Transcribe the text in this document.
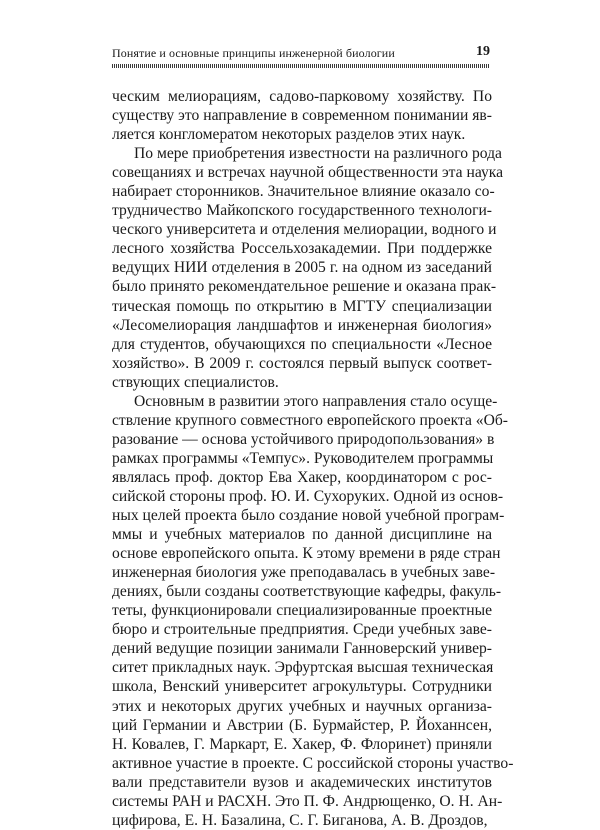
Понятие и основные принципы инженерной биологии	19
ческим мелиорациям, садово-парковому хозяйству. По
существу это направление в современном понимании яв-
ляется конгломератом некоторых разделов этих наук.
По мере приобретения известности на различного рода
совещаниях и встречах научной общественности эта наука
набирает сторонников. Значительное влияние оказало со-
трудничество Майкопского государственного технологи-
ческого университета и отделения мелиорации, водного и
лесного хозяйства Россельхозакадемии. При поддержке
ведущих НИИ отделения в 2005 г. на одном из заседаний
было принято рекомендательное решение и оказана прак-
тическая помощь по открытию в МГТУ специализации
«Лесомелиорация ландшафтов и инженерная биология»
для студентов, обучающихся по специальности «Лесное
хозяйство». В 2009 г. состоялся первый выпуск соответ-
ствующих специалистов.
Основным в развитии этого направления стало осуще-
ствление крупного совместного европейского проекта «Об-
разование — основа устойчивого природопользования» в
рамках программы «Темпус». Руководителем программы
являлась проф. доктор Ева Хакер, координатором с рос-
сийской стороны проф. Ю. И. Сухоруких. Одной из основ-
ных целей проекта было создание новой учебной програм-
ммы и учебных материалов по данной дисциплине на
основе европейского опыта. К этому времени в ряде стран
инженерная биология уже преподавалась в учебных заве-
дениях, были созданы соответствующие кафедры, факуль-
теты, функционировали специализированные проектные
бюро и строительные предприятия. Среди учебных заве-
дений ведущие позиции занимали Ганноверский универ-
ситет прикладных наук. Эрфуртская высшая техническая
школа, Венский университет агрокультуры. Сотрудники
этих и некоторых других учебных и научных организа-
ций Германии и Австрии (Б. Бурмайстер, Р. Йоханнсен,
Н. Ковалев, Г. Маркарт, Е. Хакер, Ф. Флоринет) приняли
активное участие в проекте. С российской стороны участво-
вали представители вузов и академических институтов
системы РАН и РАСХН. Это П. Ф. Андрющенко, О. Н. Ан-
цифирова, Е. Н. Базалина, С. Г. Биганова, А. В. Дроздов,
